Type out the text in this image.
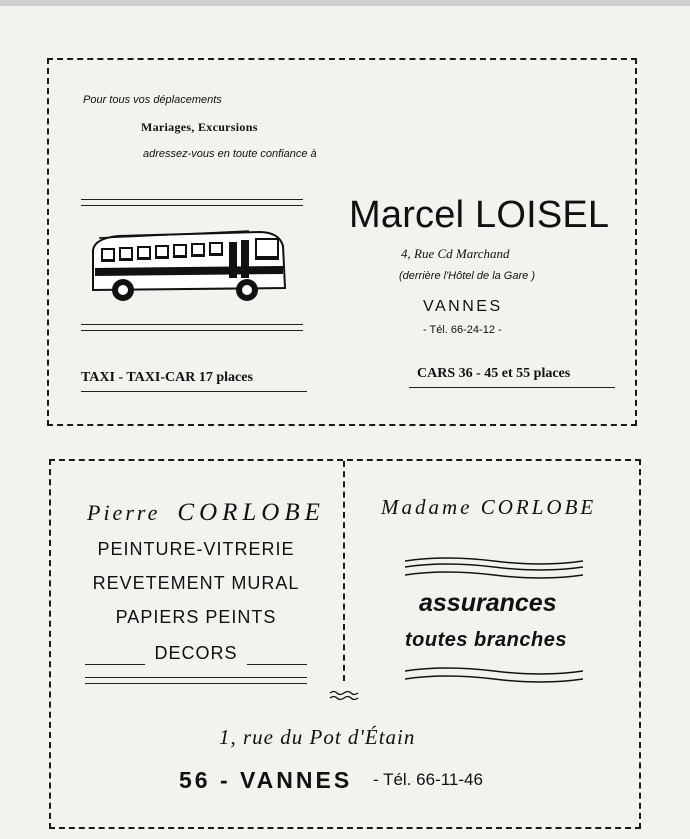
Pour tous vos déplacements
Mariages, Excursions
adressez-vous en toute confiance à
Marcel LOISEL
4, Rue Cd Marchand
(derrière l'Hôtel de la Gare )
VANNES
- Tél. 66-24-12 -
TAXI - TAXI-CAR 17 places	CARS 36 - 45 et 55 places
Pierre CORLOBE
PEINTURE-VITRERIE
REVETEMENT MURAL
PAPIERS PEINTS
DECORS
Madame CORLOBE
assurances
toutes branches
1, rue du Pot d'Étain
56 - VANNES - Tél. 66-11-46
